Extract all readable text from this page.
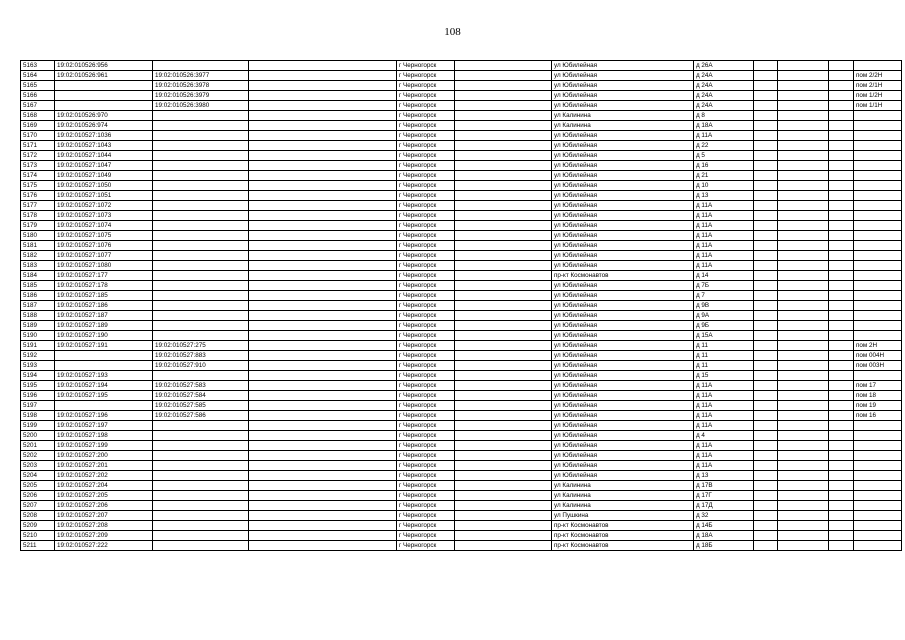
108
5163	19:02:010526:956			г Черногорск		ул Юбилейная	д 26А				
5164	19:02:010526:961	19:02:010526:3977		г Черногорск		ул Юбилейная	д 24А				пом 2/2Н
5165		19:02:010526:3978		г Черногорск		ул Юбилейная	д 24А				пом 2/1Н
5166		19:02:010526:3979		г Черногорск		ул Юбилейная	д 24А				пом 1/2Н
5167		19:02:010526:3980		г Черногорск		ул Юбилейная	д 24А				пом 1/1Н
5168	19:02:010526:970			г Черногорск		ул Калинина	д 8				
5169	19:02:010526:974			г Черногорск		ул Калинина	д 18А				
5170	19:02:010527:1036			г Черногорск		ул Юбилейная	д 11А				
5171	19:02:010527:1043			г Черногорск		ул Юбилейная	д 22				
5172	19:02:010527:1044			г Черногорск		ул Юбилейная	д 5				
5173	19:02:010527:1047			г Черногорск		ул Юбилейная	д 16				
5174	19:02:010527:1049			г Черногорск		ул Юбилейная	д 21				
5175	19:02:010527:1050			г Черногорск		ул Юбилейная	д 10				
5176	19:02:010527:1051			г Черногорск		ул Юбилейная	д 13				
5177	19:02:010527:1072			г Черногорск		ул Юбилейная	д 11А				
5178	19:02:010527:1073			г Черногорск		ул Юбилейная	д 11А				
5179	19:02:010527:1074			г Черногорск		ул Юбилейная	д 11А				
5180	19:02:010527:1075			г Черногорск		ул Юбилейная	д 11А				
5181	19:02:010527:1076			г Черногорск		ул Юбилейная	д 11А				
5182	19:02:010527:1077			г Черногорск		ул Юбилейная	д 11А				
5183	19:02:010527:1080			г Черногорск		ул Юбилейная	д 11А				
5184	19:02:010527:177			г Черногорск		пр-кт Космонавтов	д 14				
5185	19:02:010527:178			г Черногорск		ул Юбилейная	д 7Б				
5186	19:02:010527:185			г Черногорск		ул Юбилейная	д 7				
5187	19:02:010527:186			г Черногорск		ул Юбилейная	д 9В				
5188	19:02:010527:187			г Черногорск		ул Юбилейная	д 9А				
5189	19:02:010527:189			г Черногорск		ул Юбилейная	д 9Б				
5190	19:02:010527:190			г Черногорск		ул Юбилейная	д 15А				
5191	19:02:010527:191	19:02:010527:275		г Черногорск		ул Юбилейная	д 11				пом 2Н
5192		19:02:010527:883		г Черногорск		ул Юбилейная	д 11				пом 004Н
5193		19:02:010527:910		г Черногорск		ул Юбилейная	д 11				пом 003Н
5194	19:02:010527:193			г Черногорск		ул Юбилейная	д 15				
5195	19:02:010527:194	19:02:010527:583		г Черногорск		ул Юбилейная	д 11А				пом 17
5196	19:02:010527:195	19:02:010527:584		г Черногорск		ул Юбилейная	д 11А				пом 18
5197		19:02:010527:585		г Черногорск		ул Юбилейная	д 11А				пом 19
5198	19:02:010527:196	19:02:010527:586		г Черногорск		ул Юбилейная	д 11А				пом 16
5199	19:02:010527:197			г Черногорск		ул Юбилейная	д 11А				
5200	19:02:010527:198			г Черногорск		ул Юбилейная	д 4				
5201	19:02:010527:199			г Черногорск		ул Юбилейная	д 11А				
5202	19:02:010527:200			г Черногорск		ул Юбилейная	д 11А				
5203	19:02:010527:201			г Черногорск		ул Юбилейная	д 11А				
5204	19:02:010527:202			г Черногорск		ул Юбилейная	д 13				
5205	19:02:010527:204			г Черногорск		ул Калинина	д 17В				
5206	19:02:010527:205			г Черногорск		ул Калинина	д 17Г				
5207	19:02:010527:206			г Черногорск		ул Калинина	д 17Д				
5208	19:02:010527:207			г Черногорск		ул Пушкина	д 32				
5209	19:02:010527:208			г Черногорск		пр-кт Космонавтов	д 14Б				
5210	19:02:010527:209			г Черногорск		пр-кт Космонавтов	д 18А				
5211	19:02:010527:222			г Черногорск		пр-кт Космонавтов	д 18Б				
